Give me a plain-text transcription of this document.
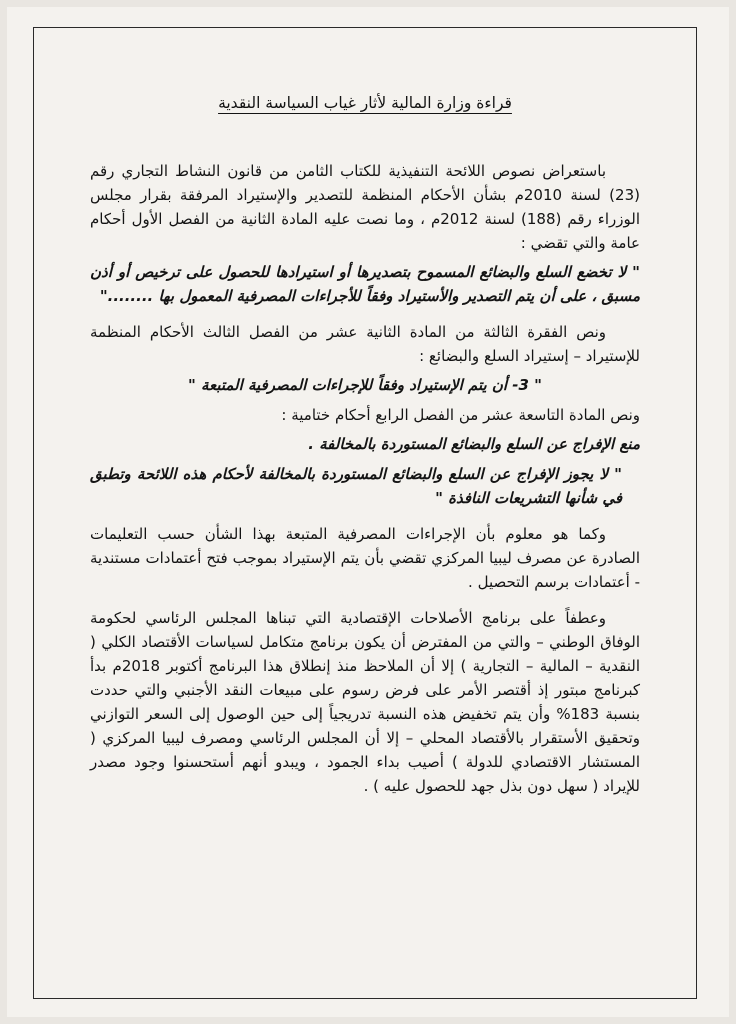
قراءة وزارة المالية لأثار غياب السياسة النقدية

باستعراض نصوص اللائحة التنفيذية للكتاب الثامن من قانون النشاط التجاري رقم (23) لسنة 2010م بشأن الأحكام المنظمة للتصدير والإستيراد المرفقة بقرار مجلس الوزراء رقم (188) لسنة 2012م ، وما نصت عليه المادة الثانية من الفصل الأول أحكام عامة والتي تقضي :

" لا تخضع السلع والبضائع المسموح بتصديرها أو استيرادها للحصول على ترخيص أو أذن مسبق ، على أن يتم التصدير والأستيراد وفقاً للأجراءات المصرفية المعمول بها ........"

ونص الفقرة الثالثة من المادة الثانية عشر من الفصل الثالث الأحكام المنظمة للإستيراد – إستيراد السلع والبضائع :

" 3- أن يتم الإستيراد وفقاً للإجراءات المصرفية المتبعة "

ونص المادة التاسعة عشر من الفصل الرابع أحكام ختامية :

منع الإفراج عن السلع والبضائع المستوردة بالمخالفة .

" لا يجوز الإفراج عن السلع والبضائع المستوردة بالمخالفة لأحكام هذه اللائحة وتطبق في شأنها التشريعات النافذة "

وكما هو معلوم بأن الإجراءات المصرفية المتبعة بهذا الشأن حسب التعليمات الصادرة عن مصرف ليبيا المركزي تقضي بأن يتم الإستيراد بموجب فتح أعتمادات مستندية - أعتمادات برسم التحصيل .

وعطفاً على برنامج الأصلاحات الإقتصادية التي تبناها المجلس الرئاسي لحكومة الوفاق الوطني – والتي من المفترض أن يكون برنامج متكامل لسياسات الأقتصاد الكلي ( النقدية – المالية – التجارية ) إلا أن الملاحظ منذ إنطلاق هذا البرنامج أكتوبر 2018م بدأ كبرنامج مبتور إذ أقتصر الأمر على فرض رسوم على مبيعات النقد الأجنبي والتي حددت بنسبة 183% وأن يتم تخفيض هذه النسبة تدريجياً إلى حين الوصول إلى السعر التوازني وتحقيق الأستقرار بالأقتصاد المحلي – إلا أن المجلس الرئاسي ومصرف ليبيا المركزي ( المستشار الاقتصادي للدولة ) أصيب بداء الجمود ، ويبدو أنهم أستحسنوا وجود مصدر للإيراد ( سهل دون بذل جهد للحصول عليه ) .
